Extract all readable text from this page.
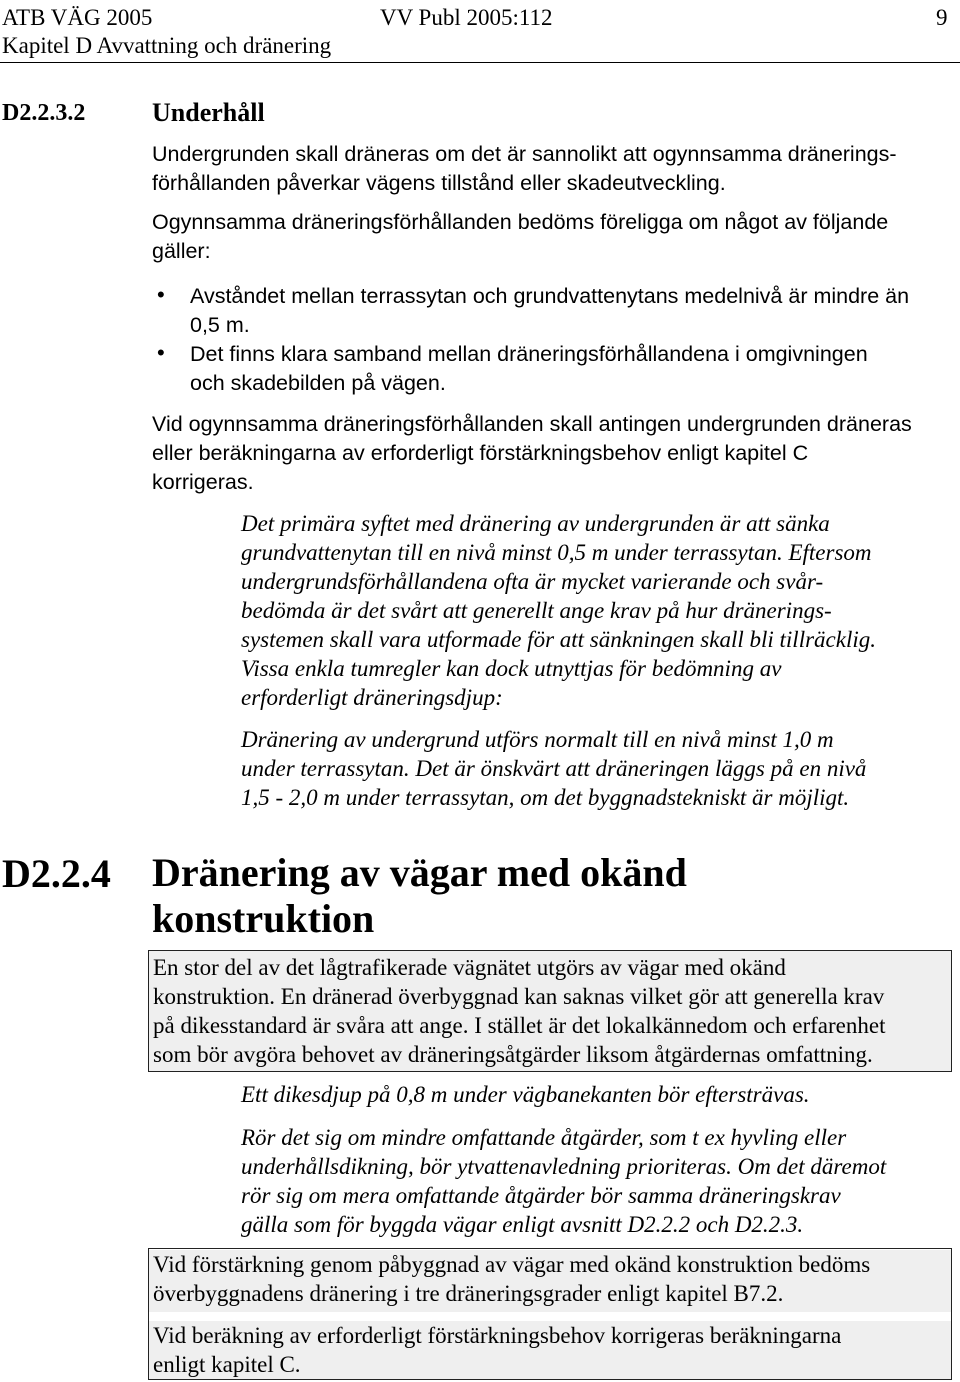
ATB VÄG 2005	VV Publ 2005:112	9
Kapitel D Avvattning och dränering
D2.2.3.2	Underhåll
Undergrunden skall dräneras om det är sannolikt att ogynnsamma dränerings-
förhållanden påverkar vägens tillstånd eller skadeutveckling.
Ogynnsamma dräneringsförhållanden bedöms föreligga om något av följande
gäller:
• Avståndet mellan terrassytan och grundvattenytans medelnivå är mindre än
0,5 m.
• Det finns klara samband mellan dräneringsförhållandena i omgivningen
och skadebilden på vägen.
Vid ogynnsamma dräneringsförhållanden skall antingen undergrunden dräneras
eller beräkningarna av erforderligt förstärkningsbehov enligt kapitel C
korrigeras.
Det primära syftet med dränering av undergrunden är att sänka
grundvattenytan till en nivå minst 0,5 m under terrassytan. Eftersom
undergrundsförhållandena ofta är mycket varierande och svår-
bedömda är det svårt att generellt ange krav på hur dränerings-
systemen skall vara utformade för att sänkningen skall bli tillräcklig.
Vissa enkla tumregler kan dock utnyttjas för bedömning av
erforderligt dräneringsdjup:
Dränering av undergrund utförs normalt till en nivå minst 1,0 m
under terrassytan. Det är önskvärt att dräneringen läggs på en nivå
1,5 - 2,0 m under terrassytan, om det byggnadstekniskt är möjligt.
D2.2.4 Dränering av vägar med okänd
konstruktion
En stor del av det lågtrafikerade vägnätet utgörs av vägar med okänd
konstruktion. En dränerad överbyggnad kan saknas vilket gör att generella krav
på dikesstandard är svåra att ange. I stället är det lokalkännedom och erfarenhet
som bör avgöra behovet av dräneringsåtgärder liksom åtgärdernas omfattning.
Ett dikesdjup på 0,8 m under vägbanekanten bör eftersträvas.
Rör det sig om mindre omfattande åtgärder, som t ex hyvling eller
underhållsdikning, bör ytvattenavledning prioriteras. Om det däremot
rör sig om mera omfattande åtgärder bör samma dräneringskrav
gälla som för byggda vägar enligt avsnitt D2.2.2 och D2.2.3.
Vid förstärkning genom påbyggnad av vägar med okänd konstruktion bedöms
överbyggnadens dränering i tre dräneringsgrader enligt kapitel B7.2.
Vid beräkning av erforderligt förstärkningsbehov korrigeras beräkningarna
enligt kapitel C.
